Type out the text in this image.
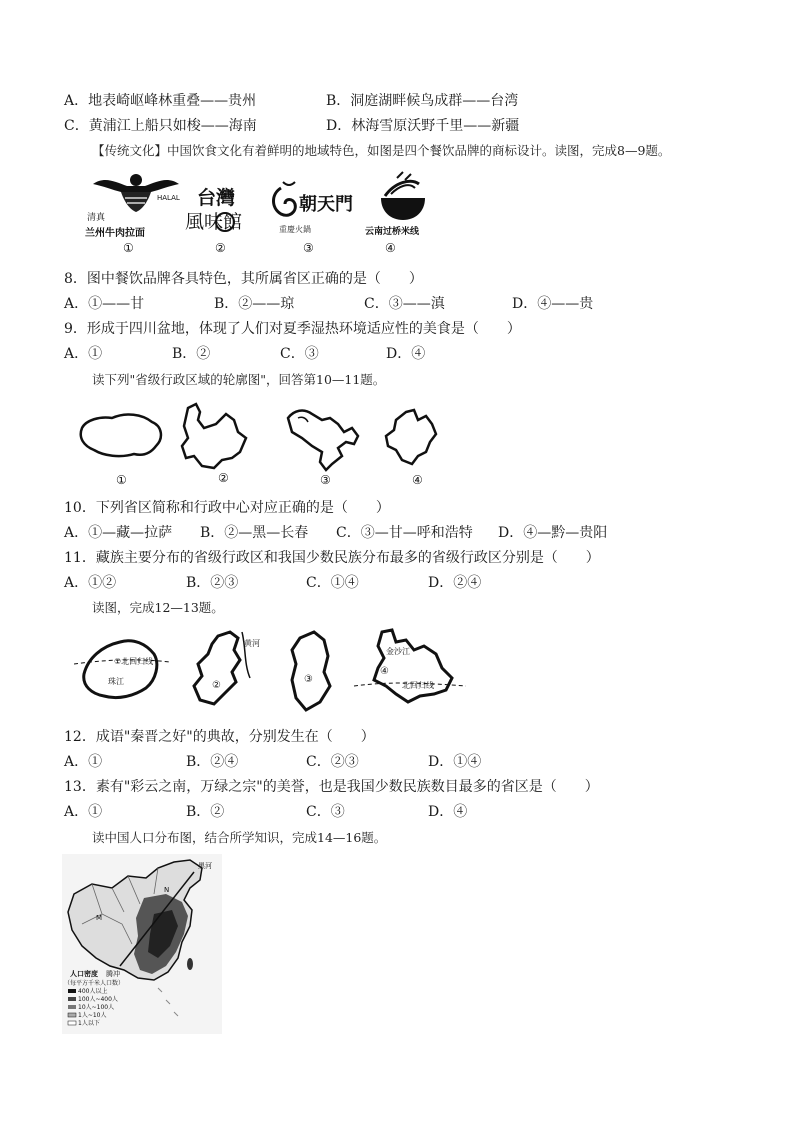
A．地表崎岖峰林重叠——贵州	B．洞庭湖畔候鸟成群——台湾
C．黄浦江上船只如梭——海南	D．林海雪原沃野千里——新疆
【传统文化】中国饮食文化有着鲜明的地域特色，如图是四个餐饮品牌的商标设计。读图，完成8—9题。
HALAL
清真
兰州牛肉拉面
①
台灣
風味館
②
朝天門
重慶火鍋
③
云南过桥米线
④
8．图中餐饮品牌各具特色，其所属省区正确的是（　　）
A．①——甘	B．②——琼	C．③——滇	D．④——贵
9．形成于四川盆地，体现了人们对夏季湿热环境适应性的美食是（　　）
A．①	B．②	C．③	D．④
读下列"省级行政区域的轮廓图"，回答第10—11题。
①	②	③	④
10．下列省区简称和行政中心对应正确的是（　　）
A．①—藏—拉萨 B．②—黑—长春 C．③—甘—呼和浩特 D．④—黔—贵阳
11．藏族主要分布的省级行政区和我国少数民族分布最多的省级行政区分别是（　　）
A．①②	B．②③	C．①④	D．②④
读图，完成12—13题。
①北回归线
珠江
黄河
②
③
金沙江
北回归线
④
12．成语"秦晋之好"的典故，分别发生在（　　）
A．①	B．②④	C．②③	D．①④
13．素有"彩云之南，万绿之宗"的美誉，也是我国少数民族数目最多的省区是（　　）
A．①	B．②	C．③	D．④
读中国人口分布图，结合所学知识，完成14—16题。
黑河
腾冲
M
N
人口密度
（每平方千米人口数）
400人以上
100人~400人
10人~100人
1人~10人
1人以下
